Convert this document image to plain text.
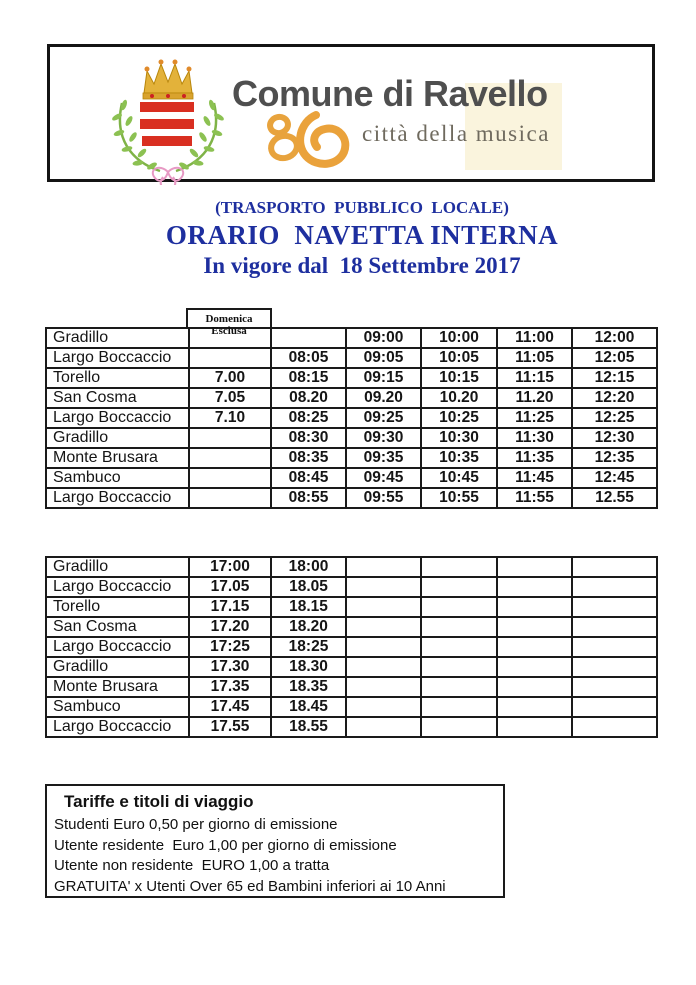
Comune di Ravello
città della musica
(TRASPORTO  PUBBLICO  LOCALE)
ORARIO  NAVETTA INTERNA
In vigore dal  18 Settembre 2017
Domenica Esclusa
Gradillo			09:00	10:00	11:00	12:00
Largo Boccaccio		08:05	09:05	10:05	11:05	12:05
Torello	7.00	08:15	09:15	10:15	11:15	12:15
San Cosma	7.05	08.20	09.20	10.20	11.20	12:20
Largo Boccaccio	7.10	08:25	09:25	10:25	11:25	12:25
Gradillo		08:30	09:30	10:30	11:30	12:30
Monte Brusara		08:35	09:35	10:35	11:35	12:35
Sambuco		08:45	09:45	10:45	11:45	12:45
Largo Boccaccio		08:55	09:55	10:55	11:55	12.55
Gradillo	17:00	18:00				
Largo Boccaccio	17.05	18.05				
Torello	17.15	18.15				
San Cosma	17.20	18.20				
Largo Boccaccio	17:25	18:25				
Gradillo	17.30	18.30				
Monte Brusara	17.35	18.35				
Sambuco	17.45	18.45				
Largo Boccaccio	17.55	18.55				
Tariffe e titoli di viaggio
Studenti Euro 0,50 per giorno di emissione
Utente residente  Euro 1,00 per giorno di emissione
Utente non residente  EURO 1,00 a tratta
GRATUITA' x Utenti Over 65 ed Bambini inferiori ai 10 Anni
